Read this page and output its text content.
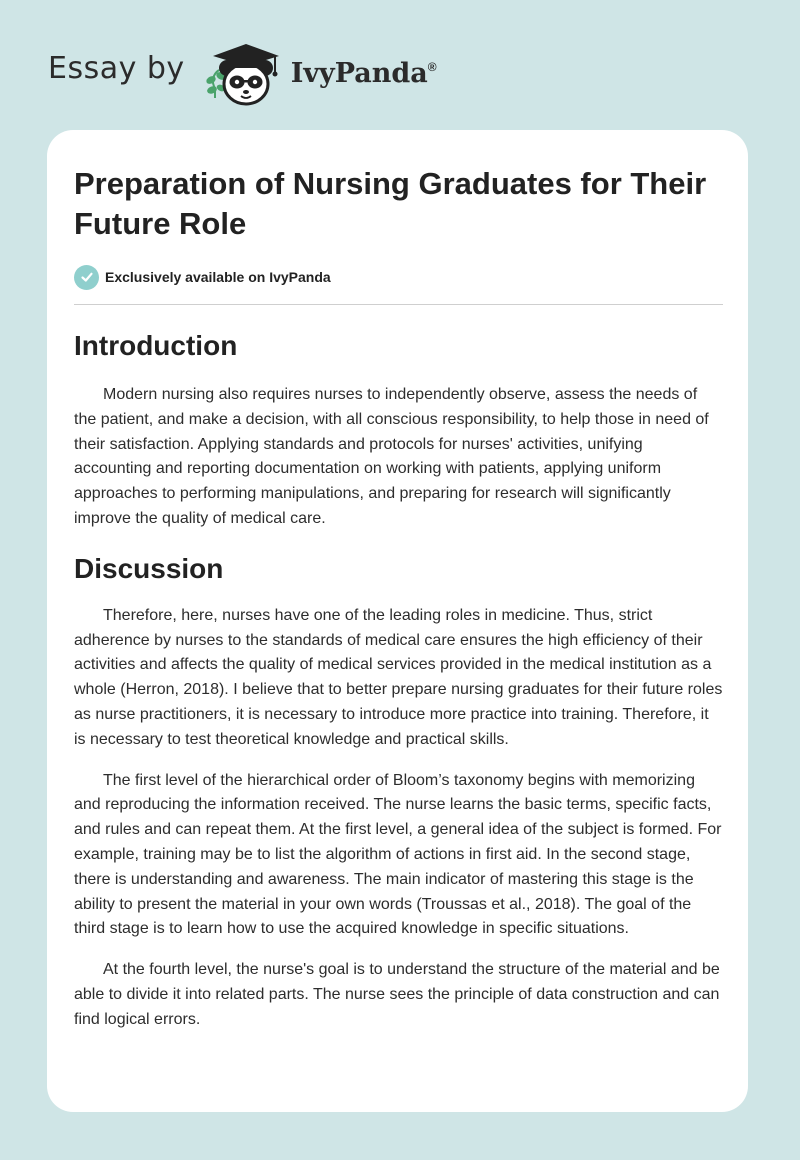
Essay by	IvyPanda®
Preparation of Nursing Graduates for Their Future Role
Exclusively available on IvyPanda
Introduction

Modern nursing also requires nurses to independently observe, assess the needs of the patient, and make a decision, with all conscious responsibility, to help those in need of their satisfaction. Applying standards and protocols for nurses' activities, unifying accounting and reporting documentation on working with patients, applying uniform approaches to performing manipulations, and preparing for research will significantly improve the quality of medical care.

Discussion

Therefore, here, nurses have one of the leading roles in medicine. Thus, strict adherence by nurses to the standards of medical care ensures the high efficiency of their activities and affects the quality of medical services provided in the medical institution as a whole (Herron, 2018). I believe that to better prepare nursing graduates for their future roles as nurse practitioners, it is necessary to introduce more practice into training. Therefore, it is necessary to test theoretical knowledge and practical skills.

The first level of the hierarchical order of Bloom’s taxonomy begins with memorizing and reproducing the information received. The nurse learns the basic terms, specific facts, and rules and can repeat them. At the first level, a general idea of the subject is formed. For example, training may be to list the algorithm of actions in first aid. In the second stage, there is understanding and awareness. The main indicator of mastering this stage is the ability to present the material in your own words (Troussas et al., 2018). The goal of the third stage is to learn how to use the acquired knowledge in specific situations.

At the fourth level, the nurse's goal is to understand the structure of the material and be able to divide it into related parts. The nurse sees the principle of data construction and can find logical errors.
